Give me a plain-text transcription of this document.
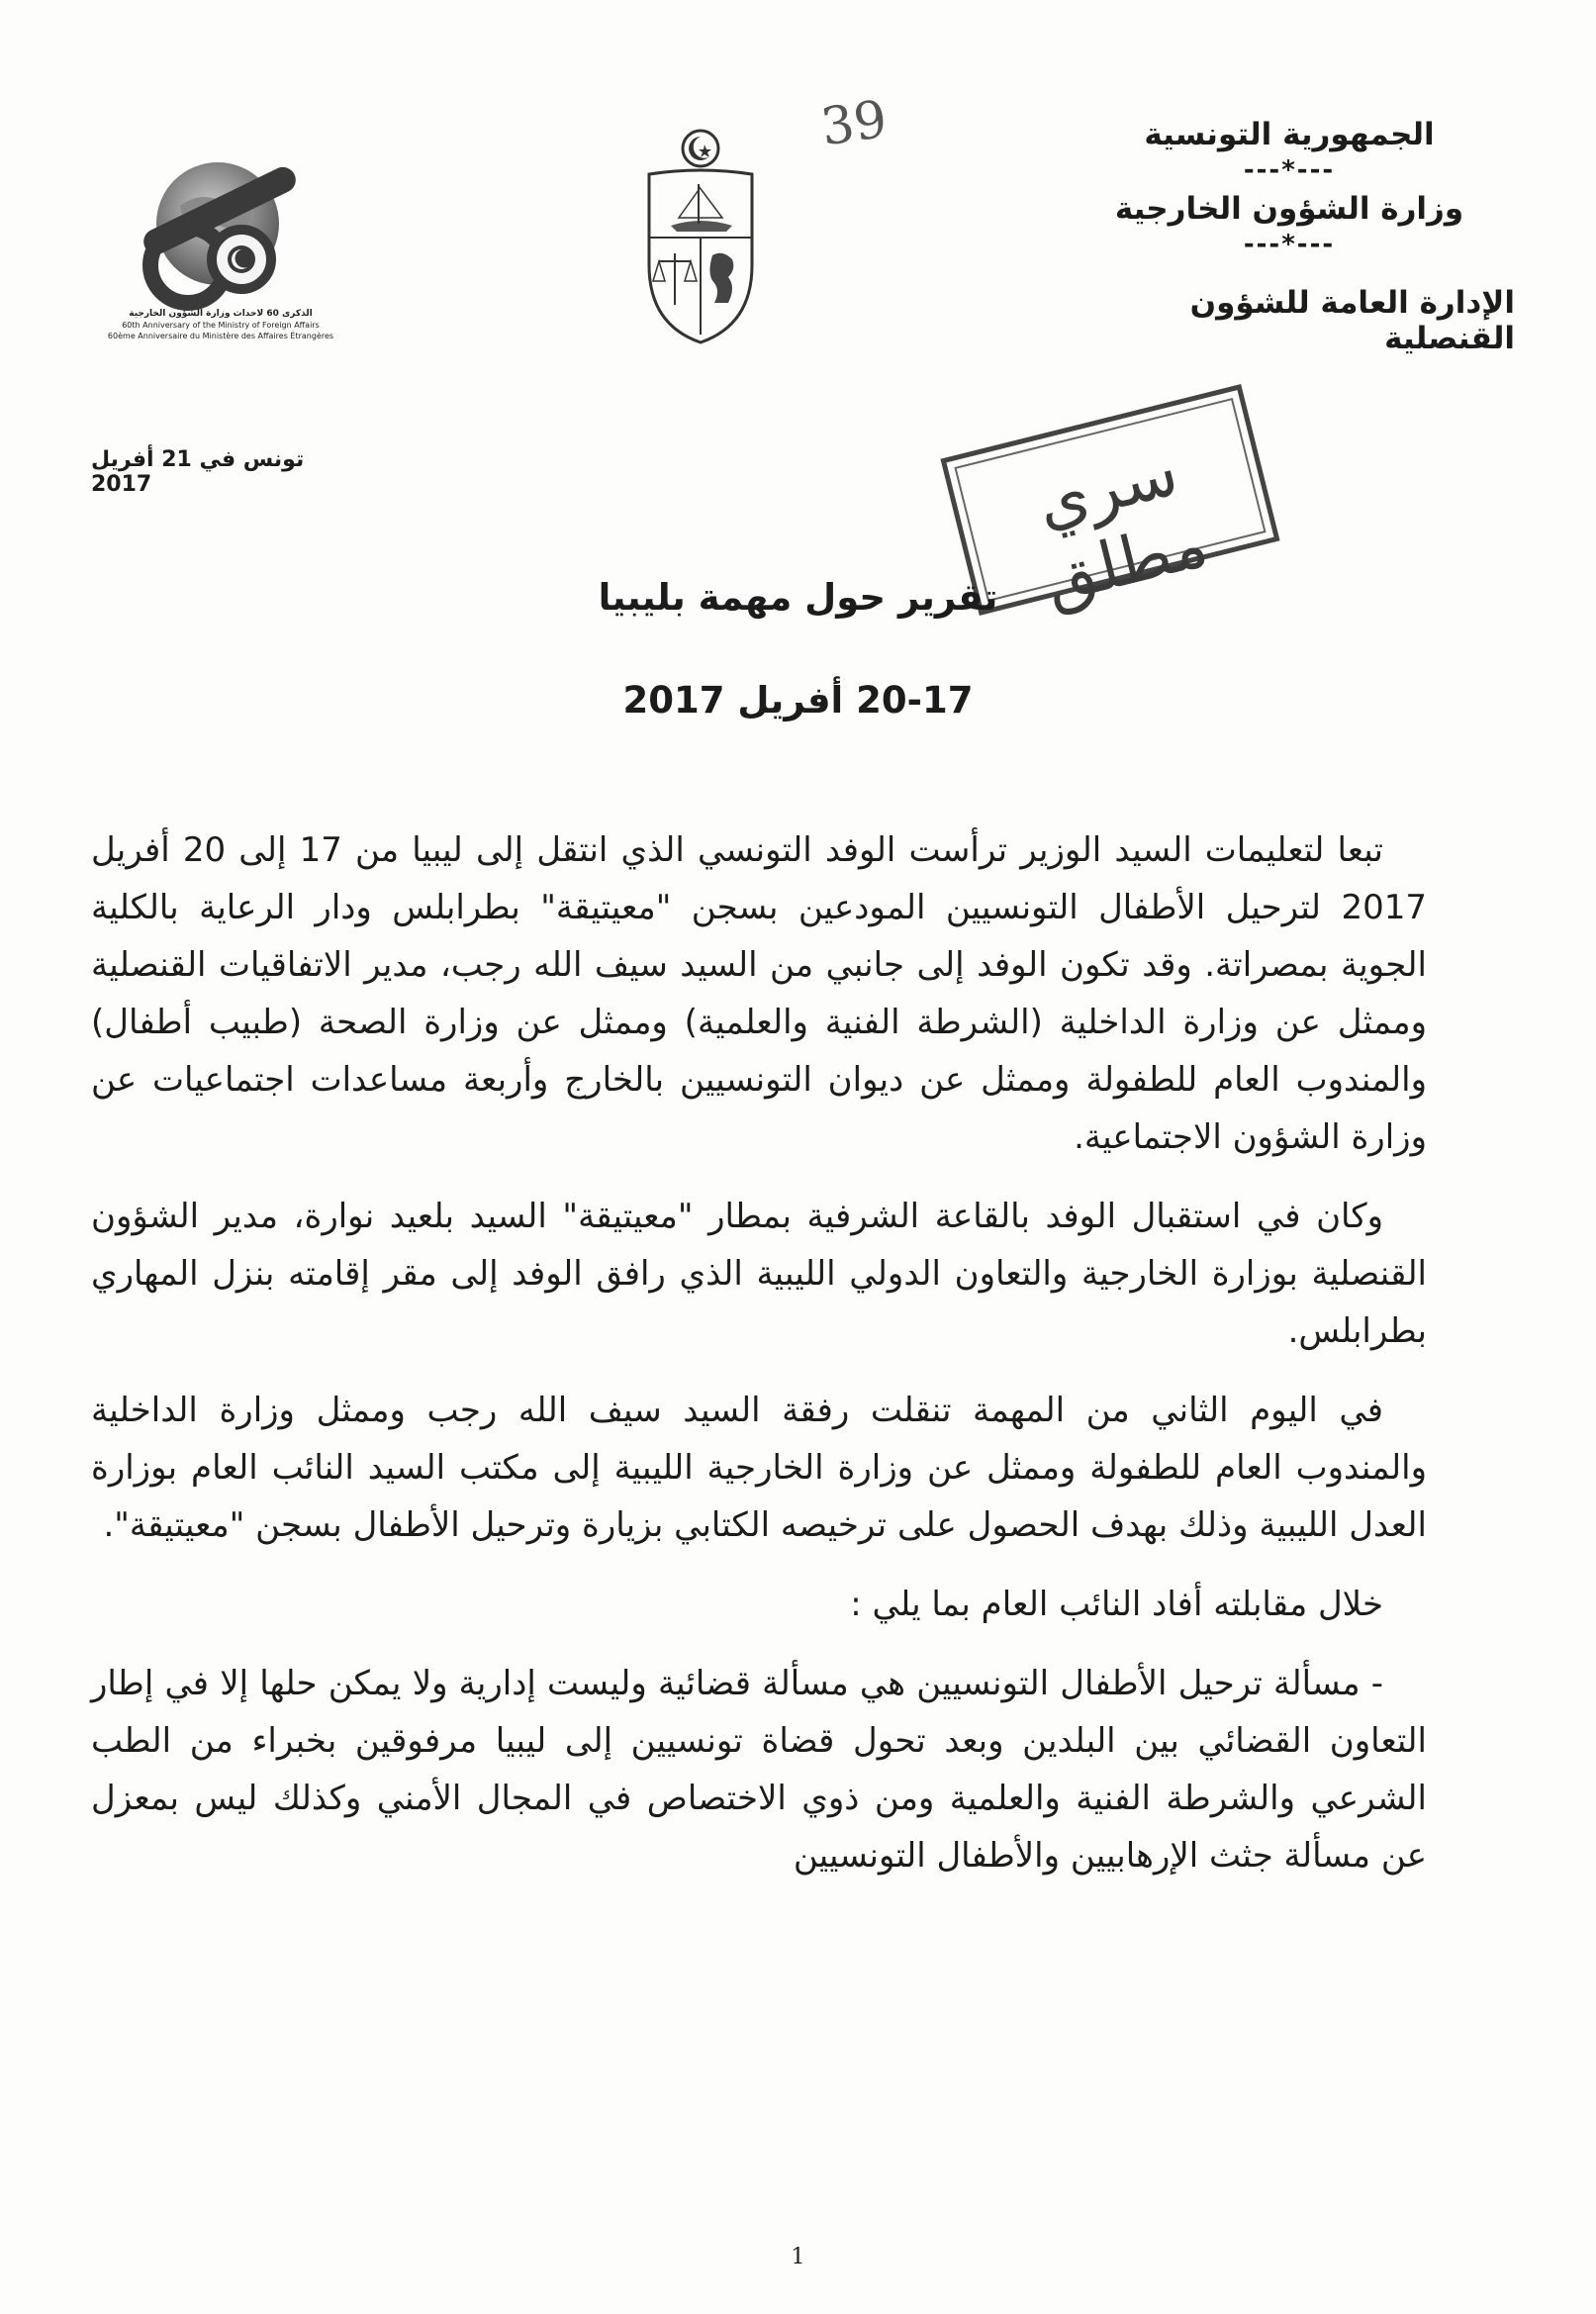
الجمهورية التونسية
---*---
وزارة الشؤون الخارجية
---*---
الإدارة العامة للشؤون القنصلية
39
الذكرى 60 لاحداث وزارة الشؤون الخارجية
60th Anniversary of the Ministry of Foreign Affairs
60ème Anniversaire du Ministère des Affaires Étrangères
تونس في 21 أفريل 2017	سري مطلق
تقرير حول مهمة بليبيا
20-17 أفريل 2017

تبعا لتعليمات السيد الوزير ترأست الوفد التونسي الذي انتقل إلى ليبيا من 17 إلى 20 أفريل 2017 لترحيل الأطفال التونسيين المودعين بسجن "معيتيقة" بطرابلس ودار الرعاية بالكلية الجوية بمصراتة. وقد تكون الوفد إلى جانبي من السيد سيف الله رجب، مدير الاتفاقيات القنصلية وممثل عن وزارة الداخلية (الشرطة الفنية والعلمية) وممثل عن وزارة الصحة (طبيب أطفال) والمندوب العام للطفولة وممثل عن ديوان التونسيين بالخارج وأربعة مساعدات اجتماعيات عن وزارة الشؤون الاجتماعية.

وكان في استقبال الوفد بالقاعة الشرفية بمطار "معيتيقة" السيد بلعيد نوارة، مدير الشؤون القنصلية بوزارة الخارجية والتعاون الدولي الليبية الذي رافق الوفد إلى مقر إقامته بنزل المهاري بطرابلس.

في اليوم الثاني من المهمة تنقلت رفقة السيد سيف الله رجب وممثل وزارة الداخلية والمندوب العام للطفولة وممثل عن وزارة الخارجية الليبية إلى مكتب السيد النائب العام بوزارة العدل الليبية وذلك بهدف الحصول على ترخيصه الكتابي بزيارة وترحيل الأطفال بسجن "معيتيقة".

خلال مقابلته أفاد النائب العام بما يلي :

- مسألة ترحيل الأطفال التونسيين هي مسألة قضائية وليست إدارية ولا يمكن حلها إلا في إطار التعاون القضائي بين البلدين وبعد تحول قضاة تونسيين إلى ليبيا مرفوقين بخبراء من الطب الشرعي والشرطة الفنية والعلمية ومن ذوي الاختصاص في المجال الأمني وكذلك ليس بمعزل عن مسألة جثث الإرهابيين والأطفال التونسيين

1
